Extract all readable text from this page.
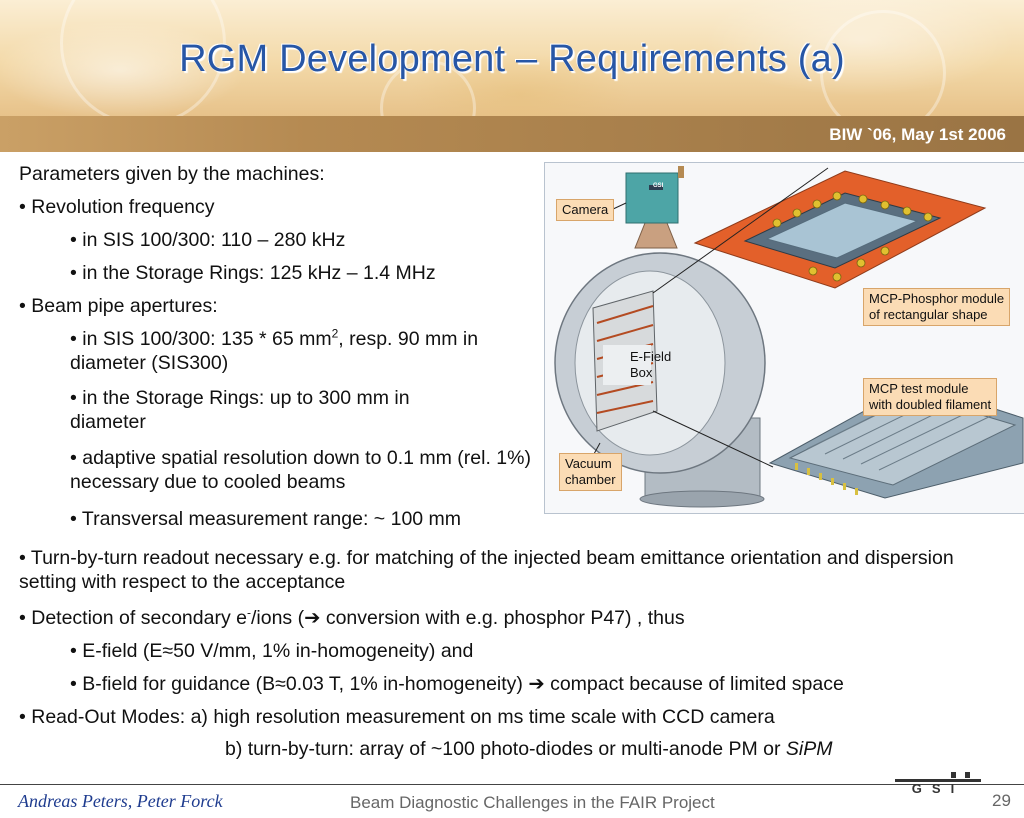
RGM Development – Requirements (a)
BIW `06, May 1st 2006
Parameters given by the machines:
• Revolution frequency
• in SIS 100/300: 110 – 280 kHz
• in the Storage Rings: 125 kHz – 1.4 MHz
• Beam pipe apertures:
• in SIS 100/300: 135 * 65 $mm^2$, resp. 90 mm in diameter (SIS300)
• in the Storage Rings: up to 300 mm in diameter
• adaptive spatial resolution down to 0.1 mm (rel. 1%) necessary due to cooled beams
• Transversal measurement range: ~ 100 mm
Camera
E-Field
Box
Vacuum
chamber
MCP-Phosphor module
of rectangular shape
MCP test module
with doubled filament
GSI
• Turn-by-turn readout necessary e.g. for matching of the injected beam emittance orientation and dispersion setting with respect to the acceptance
• Detection of secondary e-/ions (➔ conversion with e.g. phosphor P47) , thus
• E-field (E≈50 V/mm, 1% in-homogeneity) and
• B-field for guidance (B≈0.03 T, 1% in-homogeneity) ➔ compact because of limited space
• Read-Out Modes: a) high resolution measurement on ms time scale with CCD camera
b) turn-by-turn: array of ~100 photo-diodes or multi-anode PM or SiPM
Andreas Peters, Peter Forck	Beam Diagnostic Challenges in the FAIR Project
GSI
29
